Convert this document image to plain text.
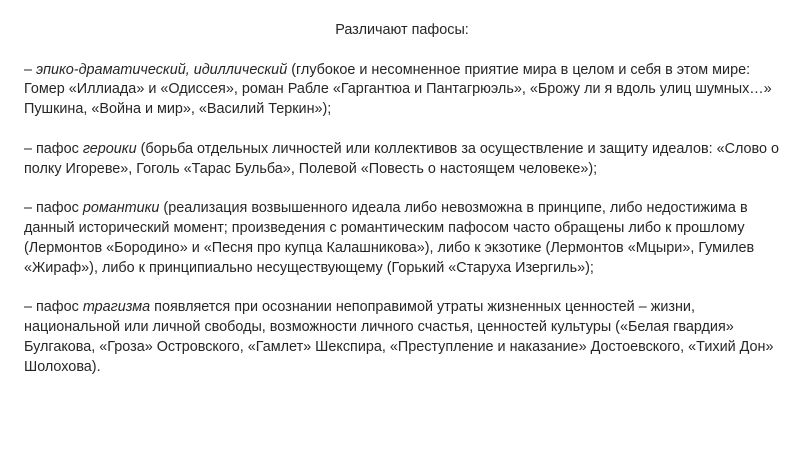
Различают пафосы:
– эпико-драматический, идиллический (глубокое и несомненное приятие мира в целом и себя в этом мире: Гомер «Иллиада» и «Одиссея», роман Рабле «Гаргантюа и Пантагрюэль», «Брожу ли я вдоль улиц шумных…» Пушкина, «Война и мир», «Василий Теркин»);
– пафос героики (борьба отдельных личностей или коллективов за осуществление и защиту идеалов: «Слово о полку Игореве», Гоголь «Тарас Бульба», Полевой «Повесть о настоящем человеке»);
– пафос романтики (реализация возвышенного идеала либо невозможна в принципе, либо недостижима в данный исторический момент; произведения с романтическим пафосом часто обращены либо к прошлому (Лермонтов «Бородино» и «Песня про купца Калашникова»), либо к экзотике (Лермонтов «Мцыри», Гумилев «Жираф»), либо к принципиально несуществующему (Горький «Старуха Изергиль»);
– пафос трагизма появляется при осознании непоправимой утраты жизненных ценностей – жизни, национальной или личной свободы, возможности личного счастья, ценностей культуры («Белая гвардия» Булгакова, «Гроза» Островского, «Гамлет» Шекспира, «Преступление и наказание» Достоевского, «Тихий Дон» Шолохова).
